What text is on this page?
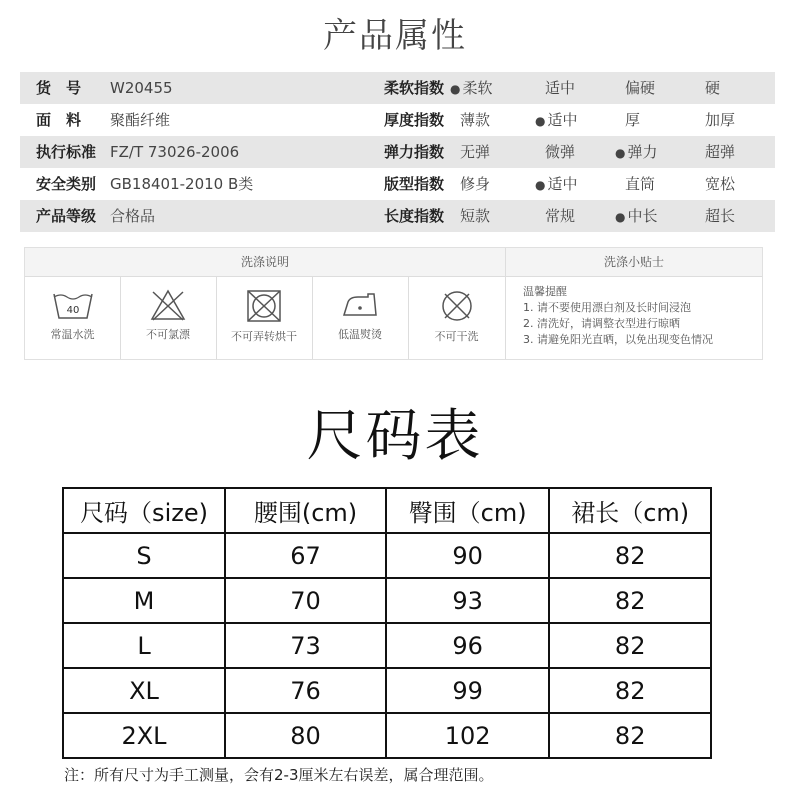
产品属性
货　号 W20455	柔软指数 ● 柔软	适中	偏硬	硬
面　料 聚酯纤维	厚度指数 薄款	● 适中	厚	加厚
执行标准 FZ/T 73026-2006	弹力指数 无弹	微弹	● 弹力	超弹
安全类别 GB18401-2010 B类	版型指数 修身	● 适中	直筒	宽松
产品等级 合格品	长度指数 短款	常规	● 中长	超长
洗涤说明	洗涤小贴士
40
常温水洗	不可氯漂	不可弄转烘干	低温熨烫	不可干洗
温馨提醒
1. 请不要使用漂白剂及长时间浸泡
2. 清洗好，请调整衣型进行晾晒
3. 请避免阳光直晒，以免出现变色情况
尺码表
尺码（size)	腰围(cm)	臀围（cm)	裙长（cm)
S	67	90	82
M	70	93	82
L	73	96	82
XL	76	99	82
2XL	80	102	82
注：所有尺寸为手工测量，会有2-3厘米左右误差，属合理范围。
